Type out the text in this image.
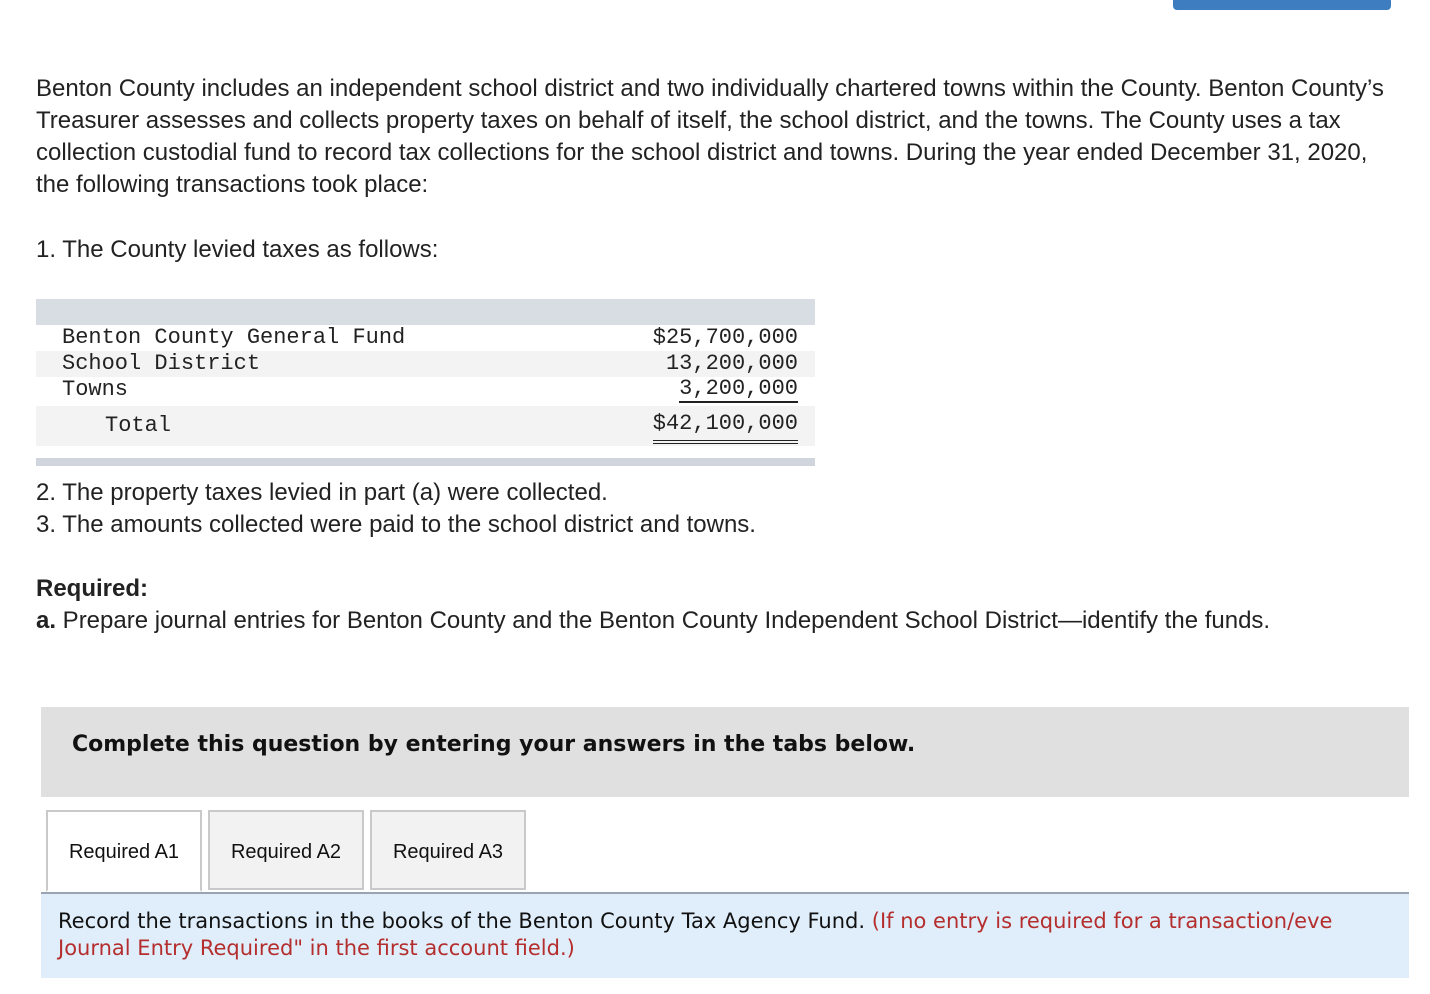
Benton County includes an independent school district and two individually chartered towns within the County. Benton County’s Treasurer assesses and collects property taxes on behalf of itself, the school district, and the towns. The County uses a tax collection custodial fund to record tax collections for the school district and towns. During the year ended December 31, 2020, the following transactions took place:

1. The County levied taxes as follows:

Benton County General Fund	$25,700,000
School District	13,200,000
Towns	3,200,000
Total	$42,100,000
2. The property taxes levied in part (a) were collected.
3. The amounts collected were paid to the school district and towns.
Required:
a. Prepare journal entries for Benton County and the Benton County Independent School District—identify the funds.
Complete this question by entering your answers in the tabs below.
Required A1	Required A2	Required A3
Record the transactions in the books of the Benton County Tax Agency Fund. (If no entry is required for a transaction/eve
Journal Entry Required" in the first account field.)
